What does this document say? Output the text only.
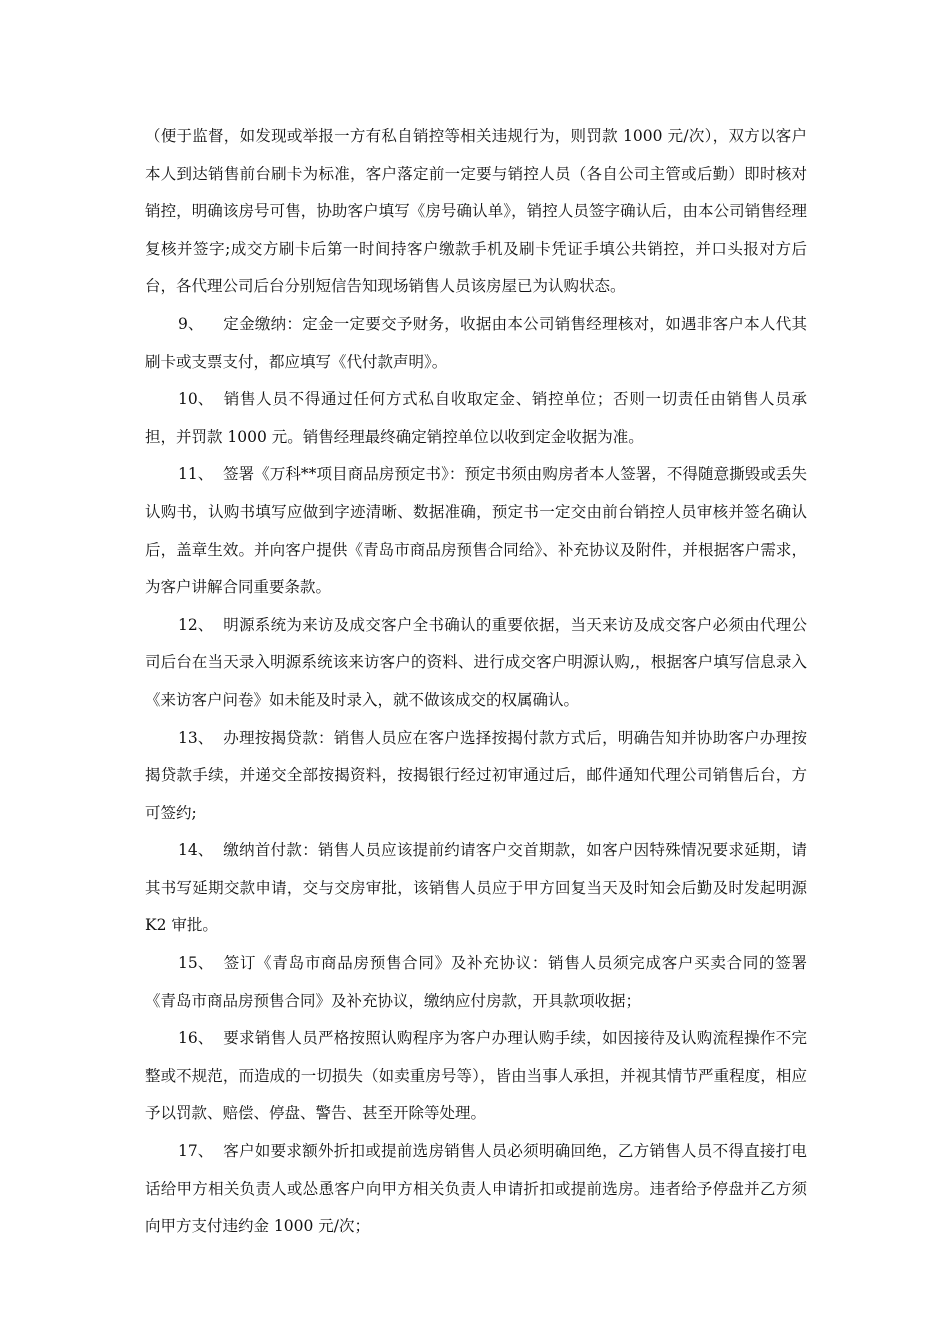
（便于监督，如发现或举报一方有私自销控等相关违规行为，则罚款 1000 元/次），双方以客户本人到达销售前台刷卡为标准，客户落定前一定要与销控人员（各自公司主管或后勤）即时核对销控，明确该房号可售，协助客户填写《房号确认单》，销控人员签字确认后，由本公司销售经理复核并签字;成交方刷卡后第一时间持客户缴款手机及刷卡凭证手填公共销控，并口头报对方后台，各代理公司后台分别短信告知现场销售人员该房屋已为认购状态。

9、 定金缴纳：定金一定要交予财务，收据由本公司销售经理核对，如遇非客户本人代其刷卡或支票支付，都应填写《代付款声明》。

10、 销售人员不得通过任何方式私自收取定金、销控单位；否则一切责任由销售人员承担，并罚款 1000 元。销售经理最终确定销控单位以收到定金收据为准。

11、 签署《万科**项目商品房预定书》：预定书须由购房者本人签署，不得随意撕毁或丢失认购书，认购书填写应做到字迹清晰、数据准确，预定书一定交由前台销控人员审核并签名确认后，盖章生效。并向客户提供《青岛市商品房预售合同给》、补充协议及附件，并根据客户需求，为客户讲解合同重要条款。

12、 明源系统为来访及成交客户全书确认的重要依据，当天来访及成交客户必须由代理公司后台在当天录入明源系统该来访客户的资料、进行成交客户明源认购,，根据客户填写信息录入《来访客户问卷》如未能及时录入，就不做该成交的权属确认。

13、 办理按揭贷款：销售人员应在客户选择按揭付款方式后，明确告知并协助客户办理按揭贷款手续，并递交全部按揭资料，按揭银行经过初审通过后，邮件通知代理公司销售后台，方可签约;

14、 缴纳首付款：销售人员应该提前约请客户交首期款，如客户因特殊情况要求延期，请其书写延期交款申请，交与交房审批，该销售人员应于甲方回复当天及时知会后勤及时发起明源 K2 审批。

15、 签订《青岛市商品房预售合同》及补充协议：销售人员须完成客户买卖合同的签署《青岛市商品房预售合同》及补充协议，缴纳应付房款，开具款项收据；

16、 要求销售人员严格按照认购程序为客户办理认购手续，如因接待及认购流程操作不完整或不规范，而造成的一切损失（如卖重房号等），皆由当事人承担，并视其情节严重程度，相应予以罚款、赔偿、停盘、警告、甚至开除等处理。

17、 客户如要求额外折扣或提前选房销售人员必须明确回绝，乙方销售人员不得直接打电话给甲方相关负责人或怂恿客户向甲方相关负责人申请折扣或提前选房。违者给予停盘并乙方须向甲方支付违约金 1000 元/次；
